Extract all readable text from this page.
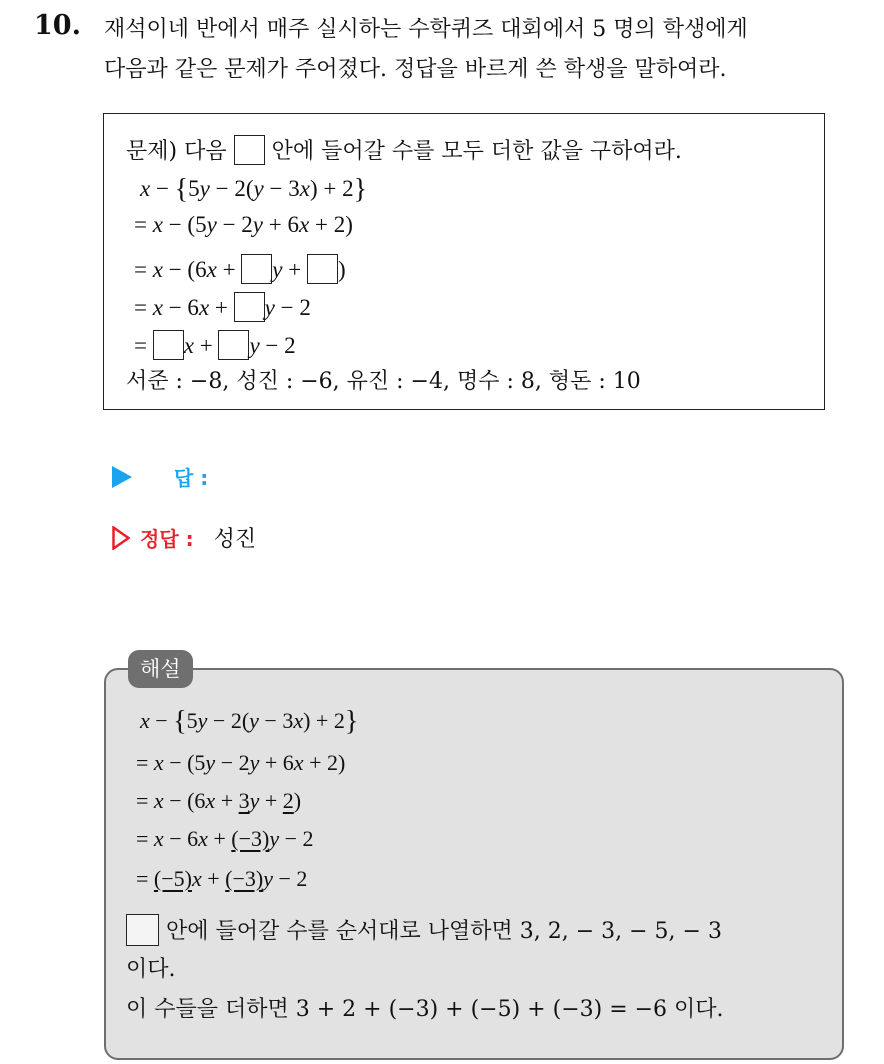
10. 재석이네 반에서 매주 실시하는 수학퀴즈 대회에서 5 명의 학생에게
다음과 같은 문제가 주어졌다. 정답을 바르게 쓴 학생을 말하여라.
문제) 다음 안에 들어갈 수를 모두 더한 값을 구하여라.
x − {5y − 2(y − 3x) + 2}
= x − (5y − 2y + 6x + 2)
= x − (6x + y + )
= x − 6x + y − 2
= x + y − 2
서준 : −8, 성진 : −6, 유진 : −4, 명수 : 8, 형돈 : 10
답 :
정답 : 성진
x − {5y − 2(y − 3x) + 2}
= x − (5y − 2y + 6x + 2)
= x − (6x + 3y + 2)
= x − 6x + (−3)y − 2
= (−5)x + (−3)y − 2
안에 들어갈 수를 순서대로 나열하면 3, 2, − 3, − 5, − 3
이다.
이 수들을 더하면 3 + 2 + (−3) + (−5) + (−3) = −6 이다.
해설
